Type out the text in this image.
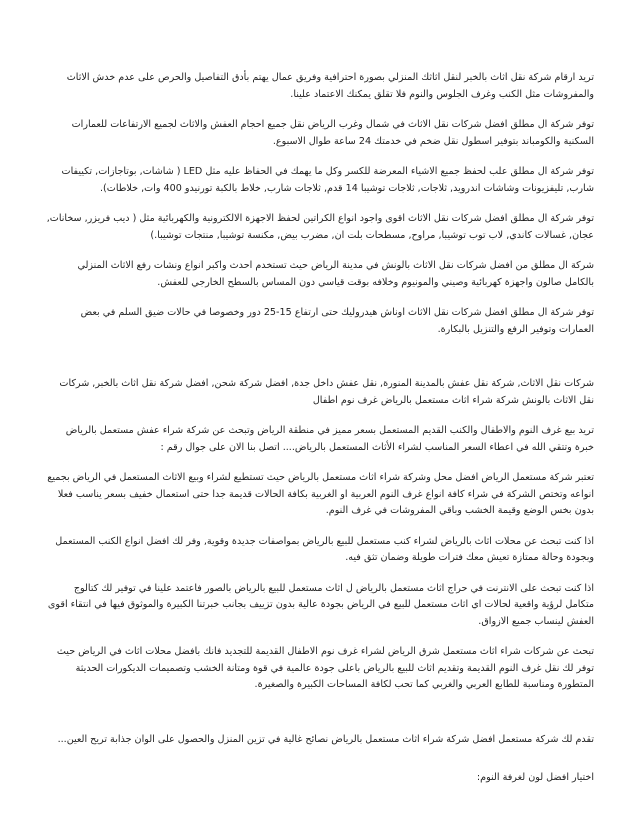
تريد ارقام شركة نقل اثاث بالخبر لنقل اثاثك المنزلي بصورة احترافية وفريق عمال يهتم بأدق التفاصيل والحرص على عدم خدش الاثاث والمفروشات مثل الكنب وغرف الجلوس والنوم فلا تقلق يمكنك الاعتماد علينا.

توفر شركة ال مطلق افضل شركات نقل الاثاث في شمال وغرب الرياض نقل جميع احجام العفش والاثاث لجميع الارتفاعات للعمارات السكنية والكومباند بتوفير اسطول نقل ضخم في خدمتك 24 ساعة طوال الاسبوع.

توفر شركة ال مطلق علب لحفظ جميع الاشياء المعرضة للكسر وكل ما يهمك في الحفاظ عليه مثل LED ( شاشات, بوتاجازات, تكييفات شارب, تليفزيونات وشاشات اندرويد, ثلاجات, ثلاجات توشيبا 14 قدم, ثلاجات شارب, خلاط بالكبة تورنيدو 400 وات, خلاطات).

توفر شركة ال مطلق افضل شركات نقل الاثاث اقوى واجود انواع الكراتين لحفظ الاجهزة الالكترونية والكهربائية مثل ( ديب فريزر, سخانات, عجان, غسالات كاندي, لاب توب توشيبا, مراوح, مسطحات بلت ان, مضرب بيض, مكنسة توشيبا, منتجات توشيبا.)

شركة ال مطلق من افضل شركات نقل الاثاث بالونش في مدينة الرياض حيث تستخدم احدث واكبر انواع ونشات رفع الاثاث المنزلي بالكامل صالون واجهزة كهربائية وصيني والمونيوم وخلافه بوقت قياسي دون المساس بالسطح الخارجي للعفش.

توفر شركة ال مطلق افضل شركات نقل الاثاث اوناش هيدروليك حتى ارتفاع 15-25 دور وخصوصا في حالات ضيق السلم في بعض العمارات وتوفير الرفع والتنزيل بالبكارة.

شركات نقل الاثاث, شركة نقل عفش بالمدينة المنورة, نقل عفش داخل جدة, افضل شركة شحن, افضل شركة نقل اثاث بالخبر, شركات نقل الاثاث بالونش شركة شراء اثاث مستعمل بالرياض غرف نوم اطفال

تريد بيع غرف النوم والاطفال والكنب القديم المستعمل بسعر مميز في منطقة الرياض وتبحث عن شركة شراء عفش مستعمل بالرياض خبرة وتتقي الله في اعطاء السعر المناسب لشراء الأثاث المستعمل بالرياض.... اتصل بنا الان على جوال رقم :

تعتبر شركة مستعمل الرياض افضل محل وشركة شراء اثاث مستعمل بالرياض حيث تستطيع لشراء وبيع الاثاث المستعمل في الرياض بجميع انواعه وتختص الشركة في شراء كافة انواع غرف النوم العربية او الغربية بكافة الحالات قديمة جدا حتى استعمال خفيف بسعر يناسب فعلا بدون بخس الوضع وقيمة الخشب وباقي المفروشات في غرف النوم.

اذا كنت تبحث عن محلات اثاث بالرياض لشراء كنب مستعمل للبيع بالرياض بمواصفات جديدة وقوية, وفر لك افضل انواع الكنب المستعمل وبجودة وحالة ممتازة تعيش معك فترات طويلة وضمان تثق فيه.

اذا كنت تبحث على الانترنت في حراج اثاث مستعمل بالرياض ل اثاث مستعمل للبيع بالرياض بالصور فاعتمد علينا في توفير لك كتالوج متكامل لرؤية واقعية لحالات اي اثاث مستعمل للبيع في الرياض بجودة عالية بدون تزييف بجانب خبرتنا الكبيرة والموثوق فيها في انتقاء اقوى العفش لينساب جميع الازواق.

تبحث عن شركات شراء اثاث مستعمل شرق الرياض لشراء غرف نوم الاطفال القديمة للتجديد فانك بافضل محلات اثاث في الرياض حيث توفر لك نقل غرف النوم القديمة وتقديم اثاث للبيع بالرياض باعلى جودة عالمية في قوة ومتانة الخشب وتصميمات الديكورات الحديثة المتطورة ومناسبة للطابع العربي والغربي كما تحب لكافة المساحات الكبيرة والصغيرة.

تقدم لك شركة مستعمل افضل شركة شراء اثاث مستعمل بالرياض نصائح غالية في تزين المنزل والحصول على الوان جذابة تريح العين...

اختيار افضل لون لغرفة النوم:
